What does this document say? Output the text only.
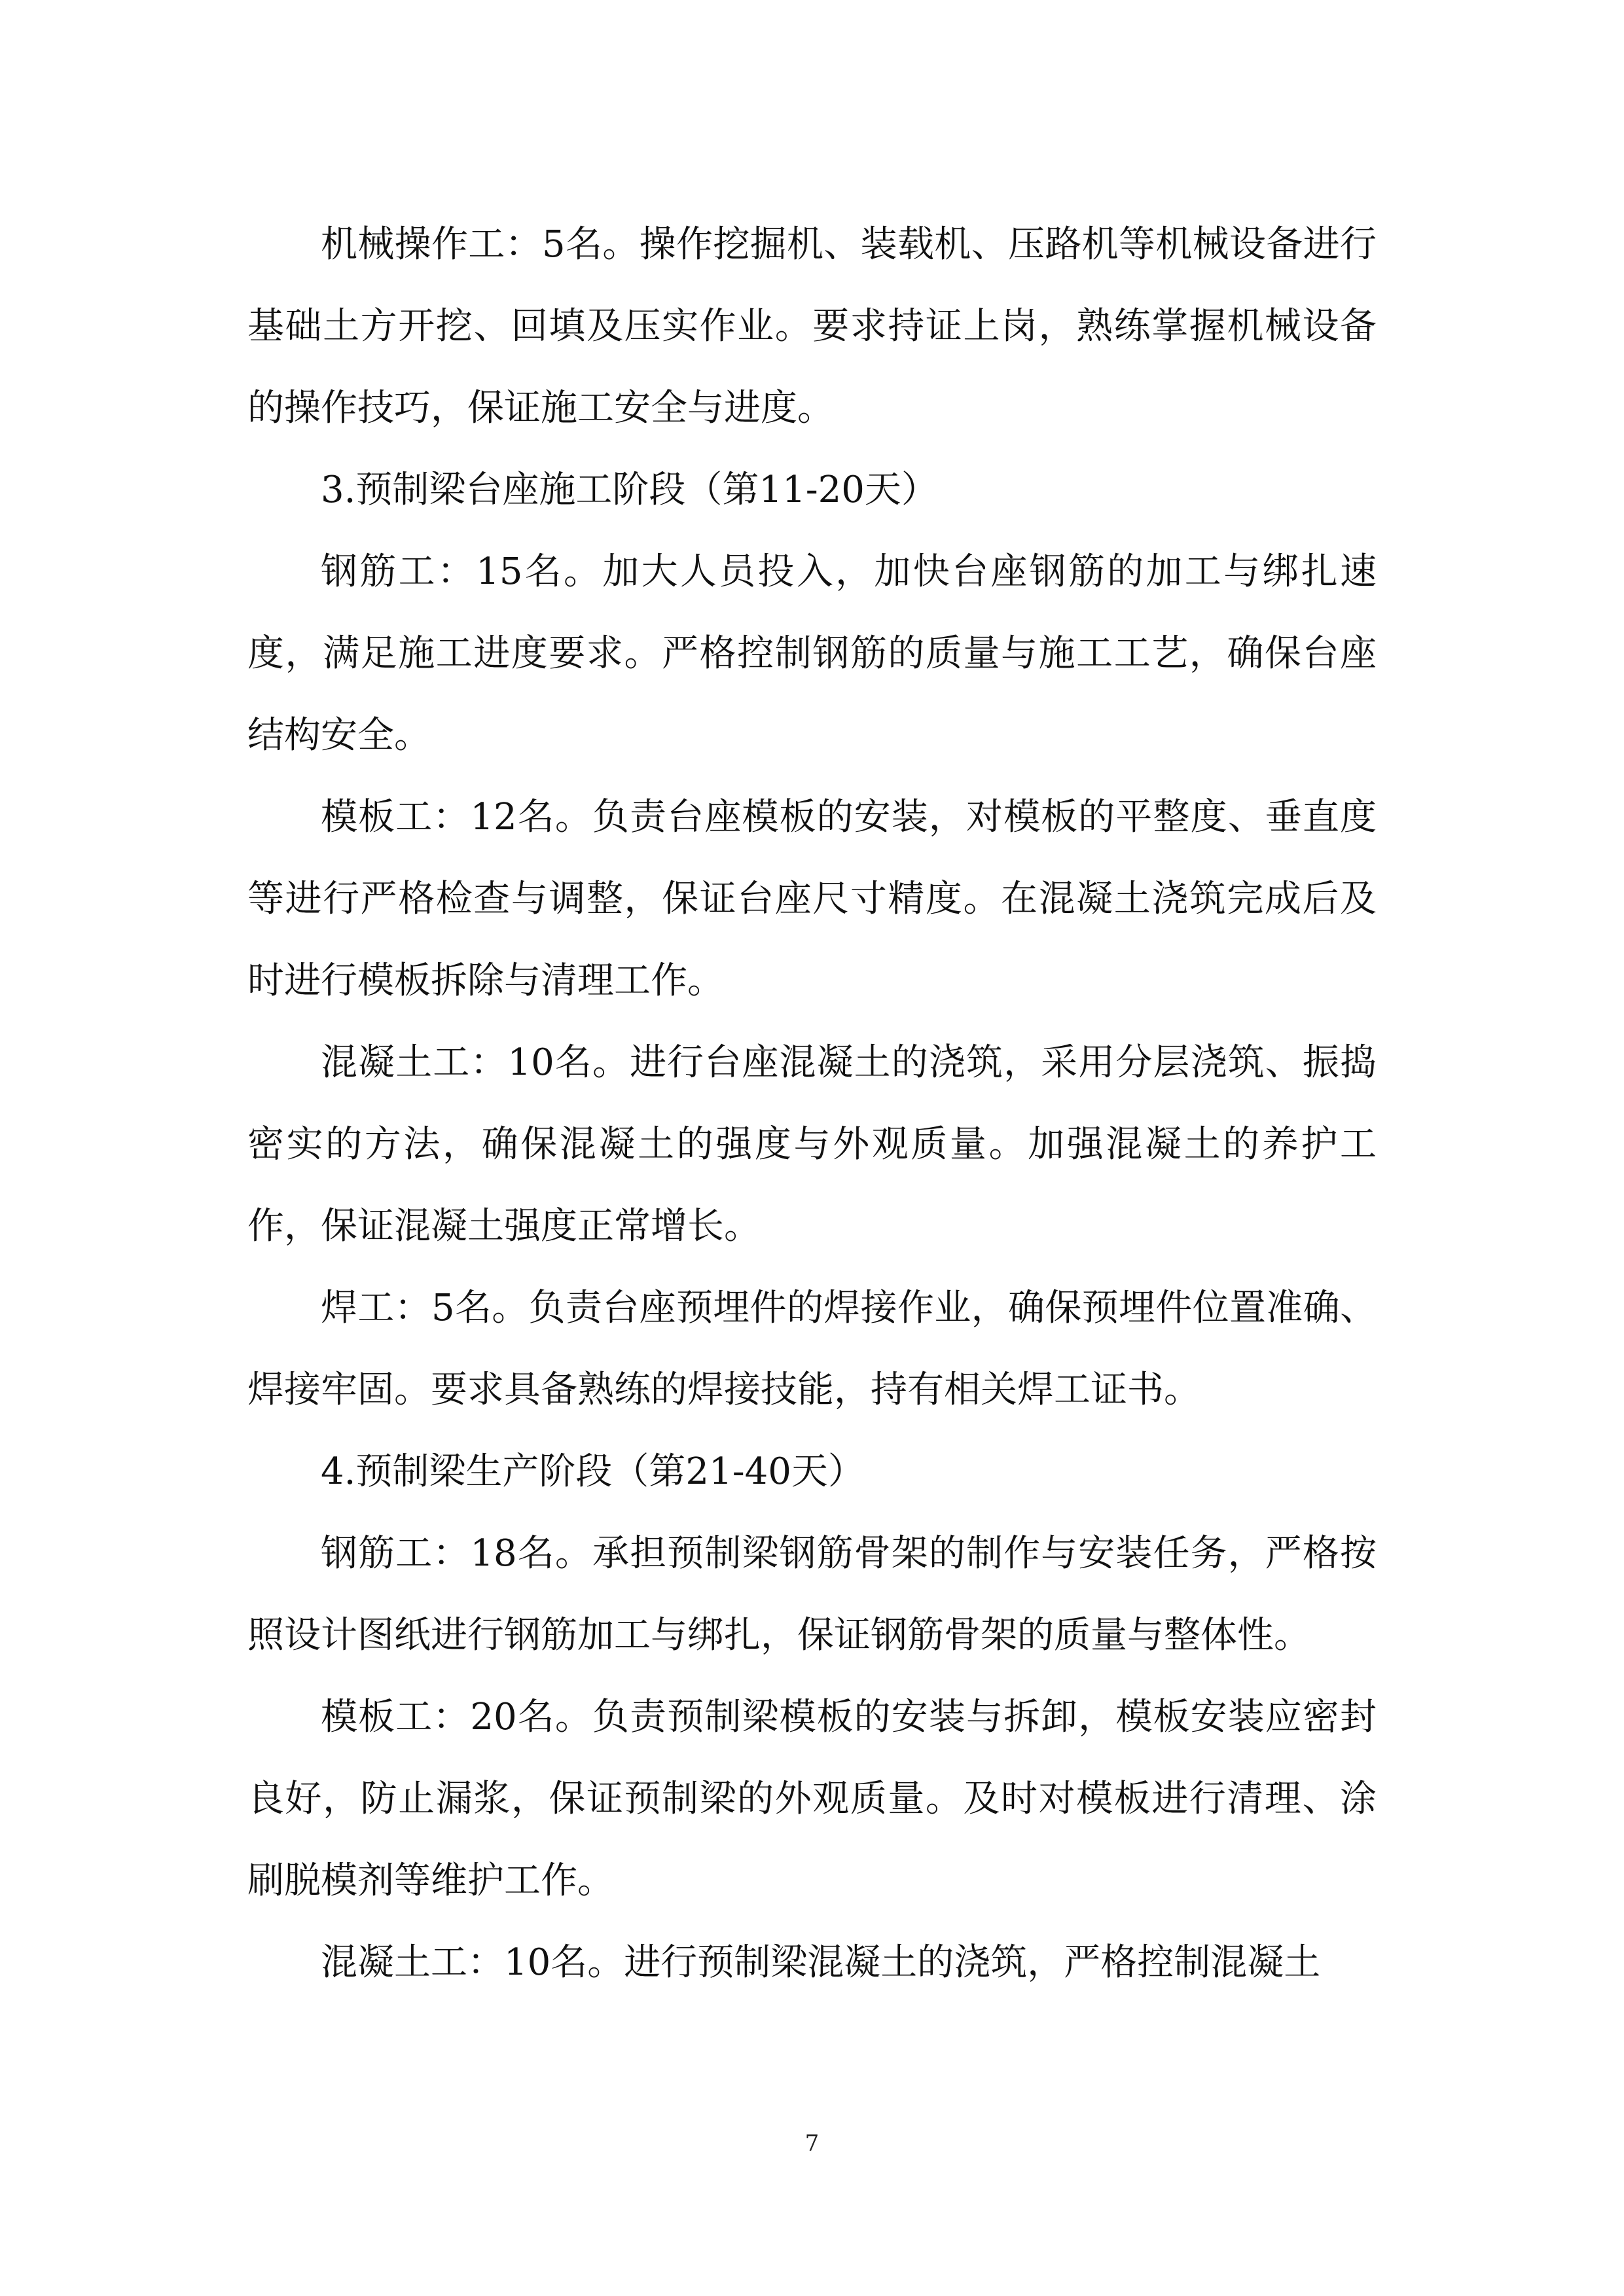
机械操作工：5名。操作挖掘机、装载机、压路机等机械设备进行基础土方开挖、回填及压实作业。要求持证上岗，熟练掌握机械设备的操作技巧，保证施工安全与进度。

3.预制梁台座施工阶段（第11-20天）

钢筋工：15名。加大人员投入，加快台座钢筋的加工与绑扎速度，满足施工进度要求。严格控制钢筋的质量与施工工艺，确保台座结构安全。

模板工：12名。负责台座模板的安装，对模板的平整度、垂直度等进行严格检查与调整，保证台座尺寸精度。在混凝土浇筑完成后及时进行模板拆除与清理工作。

混凝土工：10名。进行台座混凝土的浇筑，采用分层浇筑、振捣密实的方法，确保混凝土的强度与外观质量。加强混凝土的养护工作，保证混凝土强度正常增长。

焊工：5名。负责台座预埋件的焊接作业，确保预埋件位置准确、焊接牢固。要求具备熟练的焊接技能，持有相关焊工证书。

4.预制梁生产阶段（第21-40天）

钢筋工：18名。承担预制梁钢筋骨架的制作与安装任务，严格按照设计图纸进行钢筋加工与绑扎，保证钢筋骨架的质量与整体性。

模板工：20名。负责预制梁模板的安装与拆卸，模板安装应密封良好，防止漏浆，保证预制梁的外观质量。及时对模板进行清理、涂刷脱模剂等维护工作。

混凝土工：10名。进行预制梁混凝土的浇筑，严格控制混凝土

7
